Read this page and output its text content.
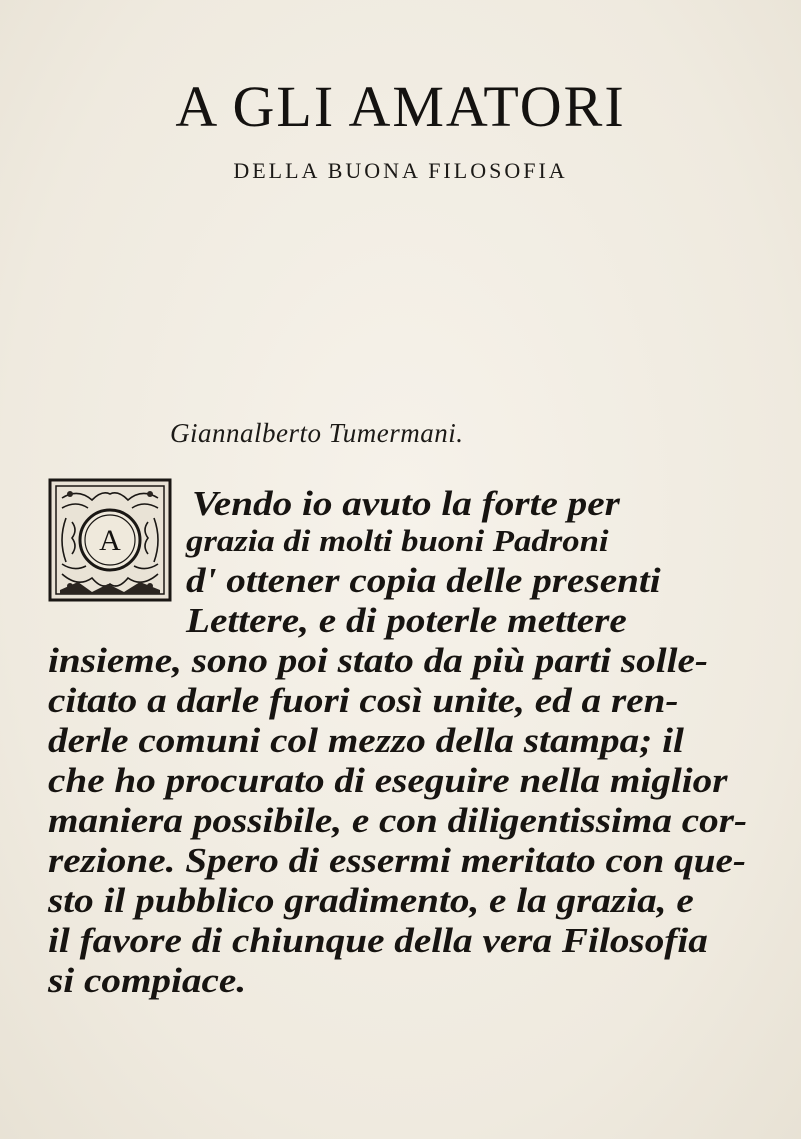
A GLI AMATORI
DELLA BUONA FILOSOFIA
Giannalberto Tumermani.
A
Vendo io avuto la forte per
grazia di molti buoni Padroni
d' ottener copia delle presenti
Lettere, e di poterle mettere
insieme, sono poi stato da più parti solle-
citato a darle fuori così unite, ed a ren-
derle comuni col mezzo della stampa; il
che ho procurato di eseguire nella miglior
maniera possibile, e con diligentissima cor-
rezione. Spero di essermi meritato con que-
sto il pubblico gradimento, e la grazia, e
il favore di chiunque della vera Filosofia
si compiace.
